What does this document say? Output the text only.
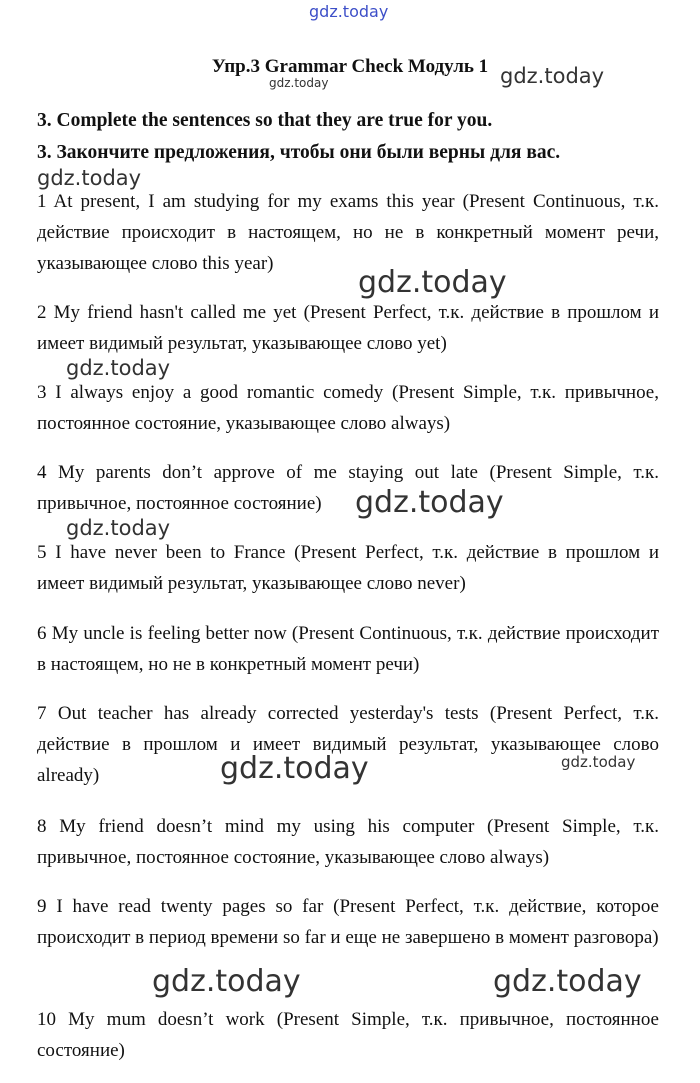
gdz.today
Упр.3 Grammar Check Модуль 1
gdz.today	gdz.today
3. Complete the sentences so that they are true for you.
3. Закончите предложения, чтобы они были верны для вас.
gdz.today
1 At present, I am studying for my exams this year (Present Continuous, т.к. действие происходит в настоящем, но не в конкретный момент речи, указывающее слово this year)
gdz.today
2 My friend hasn't called me yet (Present Perfect, т.к. действие в прошлом и имеет видимый результат, указывающее слово yet)
gdz.today
3 I always enjoy a good romantic comedy (Present Simple, т.к. привычное, постоянное состояние, указывающее слово always)
4 My parents don’t approve of me staying out late (Present Simple, т.к. привычное, постоянное состояние)	gdz.today
gdz.today
5 I have never been to France (Present Perfect, т.к. действие в прошлом и имеет видимый результат, указывающее слово never)
6 My uncle is feeling better now (Present Continuous, т.к. действие происходит в настоящем, но не в конкретный момент речи)
7 Out teacher has already corrected yesterday's tests (Present Perfect, т.к. действие в прошлом и имеет видимый результат, указывающее слово already)	gdz.today	gdz.today
8 My friend doesn’t mind my using his computer (Present Simple, т.к. привычное, постоянное состояние, указывающее слово always)
9 I have read twenty pages so far (Present Perfect, т.к. действие, которое происходит в период времени so far и еще не завершено в момент разговора)
gdz.today	gdz.today
10 My mum doesn’t work (Present Simple, т.к. привычное, постоянное состояние)
